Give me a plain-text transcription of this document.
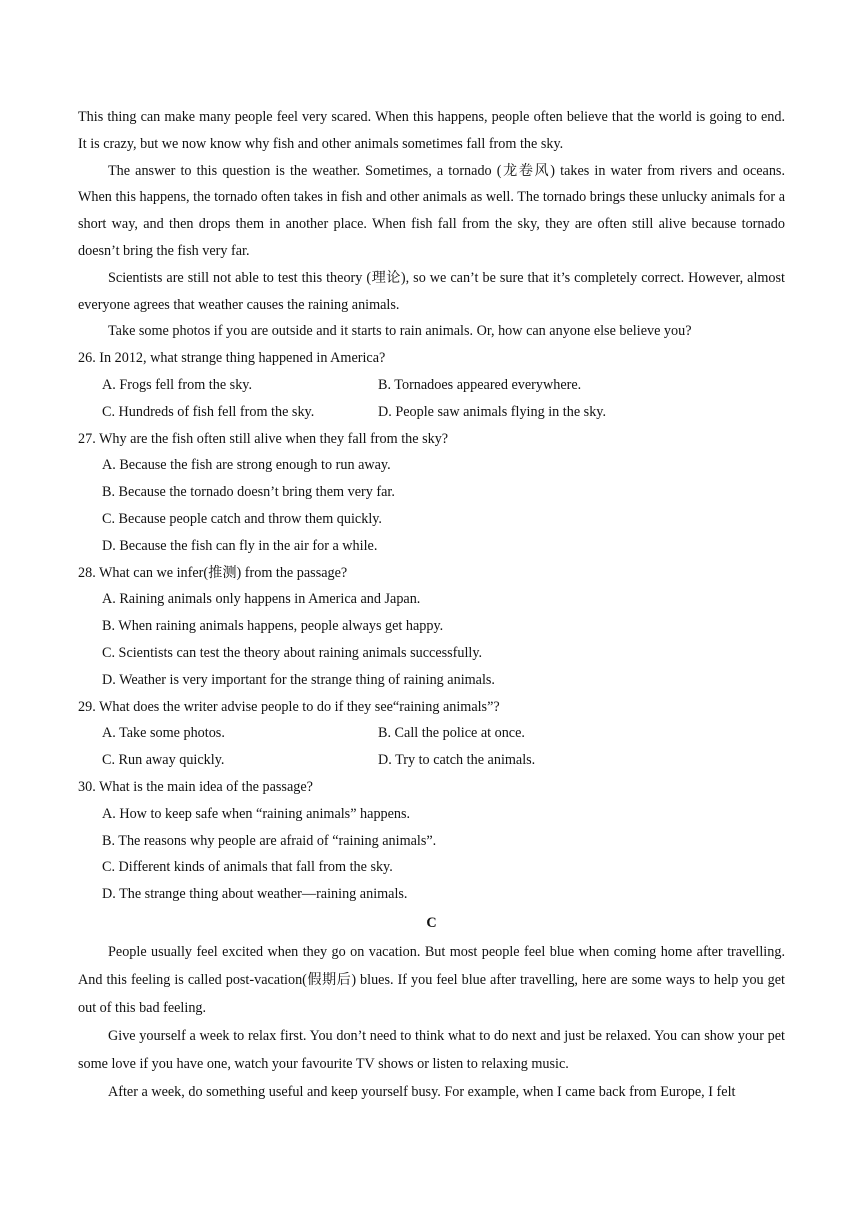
This thing can make many people feel very scared. When this happens, people often believe that the world is going to end. It is crazy, but we now know why fish and other animals sometimes fall from the sky.

The answer to this question is the weather. Sometimes, a tornado (龙卷风) takes in water from rivers and oceans. When this happens, the tornado often takes in fish and other animals as well. The tornado brings these unlucky animals for a short way, and then drops them in another place. When fish fall from the sky, they are often still alive because tornado doesn’t bring the fish very far.

Scientists are still not able to test this theory (理论), so we can’t be sure that it’s completely correct. However, almost everyone agrees that weather causes the raining animals.

Take some photos if you are outside and it starts to rain animals. Or, how can anyone else believe you?

26. In 2012, what strange thing happened in America?

A. Frogs fell from the sky.	B. Tornadoes appeared everywhere.
C. Hundreds of fish fell from the sky.	D. People saw animals flying in the sky.

27. Why are the fish often still alive when they fall from the sky?

A. Because the fish are strong enough to run away.

B. Because the tornado doesn’t bring them very far.

C. Because people catch and throw them quickly.

D. Because the fish can fly in the air for a while.

28. What can we infer(推测) from the passage?

A. Raining animals only happens in America and Japan.

B. When raining animals happens, people always get happy.

C. Scientists can test the theory about raining animals successfully.

D. Weather is very important for the strange thing of raining animals.

29. What does the writer advise people to do if they see“raining animals”?

A. Take some photos.	B. Call the police at once.
C. Run away quickly.	D. Try to catch the animals.

30. What is the main idea of the passage?

A. How to keep safe when “raining animals” happens.

B. The reasons why people are afraid of “raining animals”.

C. Different kinds of animals that fall from the sky.

D. The strange thing about weather—raining animals.

C

People usually feel excited when they go on vacation. But most people feel blue when coming home after travelling. And this feeling is called post-vacation(假期后) blues. If you feel blue after travelling, here are some ways to help you get out of this bad feeling.

Give yourself a week to relax first. You don’t need to think what to do next and just be relaxed. You can show your pet some love if you have one, watch your favourite TV shows or listen to relaxing music.

After a week, do something useful and keep yourself busy. For example, when I came back from Europe, I felt
